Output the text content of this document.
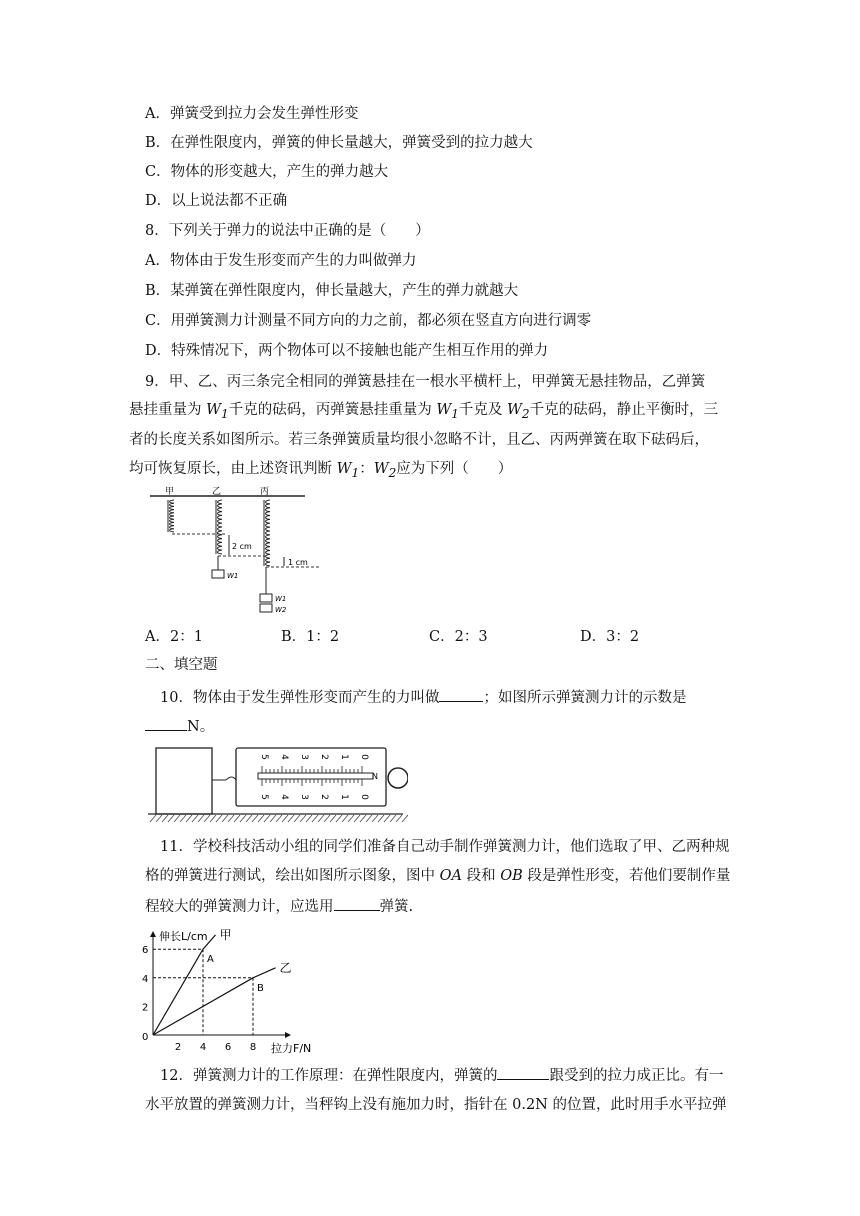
A．弹簧受到拉力会发生弹性形变
B．在弹性限度内，弹簧的伸长量越大，弹簧受到的拉力越大
C．物体的形变越大，产生的弹力越大
D．以上说法都不正确
8．下列关于弹力的说法中正确的是（　　）
A．物体由于发生形变而产生的力叫做弹力
B．某弹簧在弹性限度内，伸长量越大，产生的弹力就越大
C．用弹簧测力计测量不同方向的力之前，都必须在竖直方向进行调零
D．特殊情况下，两个物体可以不接触也能产生相互作用的弹力
9．甲、乙、丙三条完全相同的弹簧悬挂在一根水平横杆上，甲弹簧无悬挂物品，乙弹簧
悬挂重量为 $W_1$千克的砝码，丙弹簧悬挂重量为 $W_1$千克及 $W_2$千克的砝码，静止平衡时，三
者的长度关系如图所示。若三条弹簧质量均很小忽略不计，且乙、丙两弹簧在取下砝码后，
均可恢复原长，由上述资讯判断 $W_1$：$W_2$应为下列（　　）
甲	乙	丙
2 cm
1 cm
W1
W1
W2
A．2：1	B．1：2	C．2：3	D．3：2
二、填空题
10．物体由于发生弹性形变而产生的力叫做	；如图所示弹簧测力计的示数是
N。
5 4 3 2 1 0
5 4 3 2 1 0
N
11．学校科技活动小组的同学们准备自己动手制作弹簧测力计，他们选取了甲、乙两种规
格的弹簧进行测试，绘出如图所示图象，图中 OA 段和 OB 段是弹性形变，若他们要制作量
程较大的弹簧测力计，应选用	弹簧.
伸长L/cm
拉力F/N
0
2 4 6 8
2
4
6
A
甲
B
乙
12．弹簧测力计的工作原理：在弹性限度内，弹簧的	跟受到的拉力成正比。有一
水平放置的弹簧测力计，当秤钩上没有施加力时，指针在 0.2N 的位置，此时用手水平拉弹
